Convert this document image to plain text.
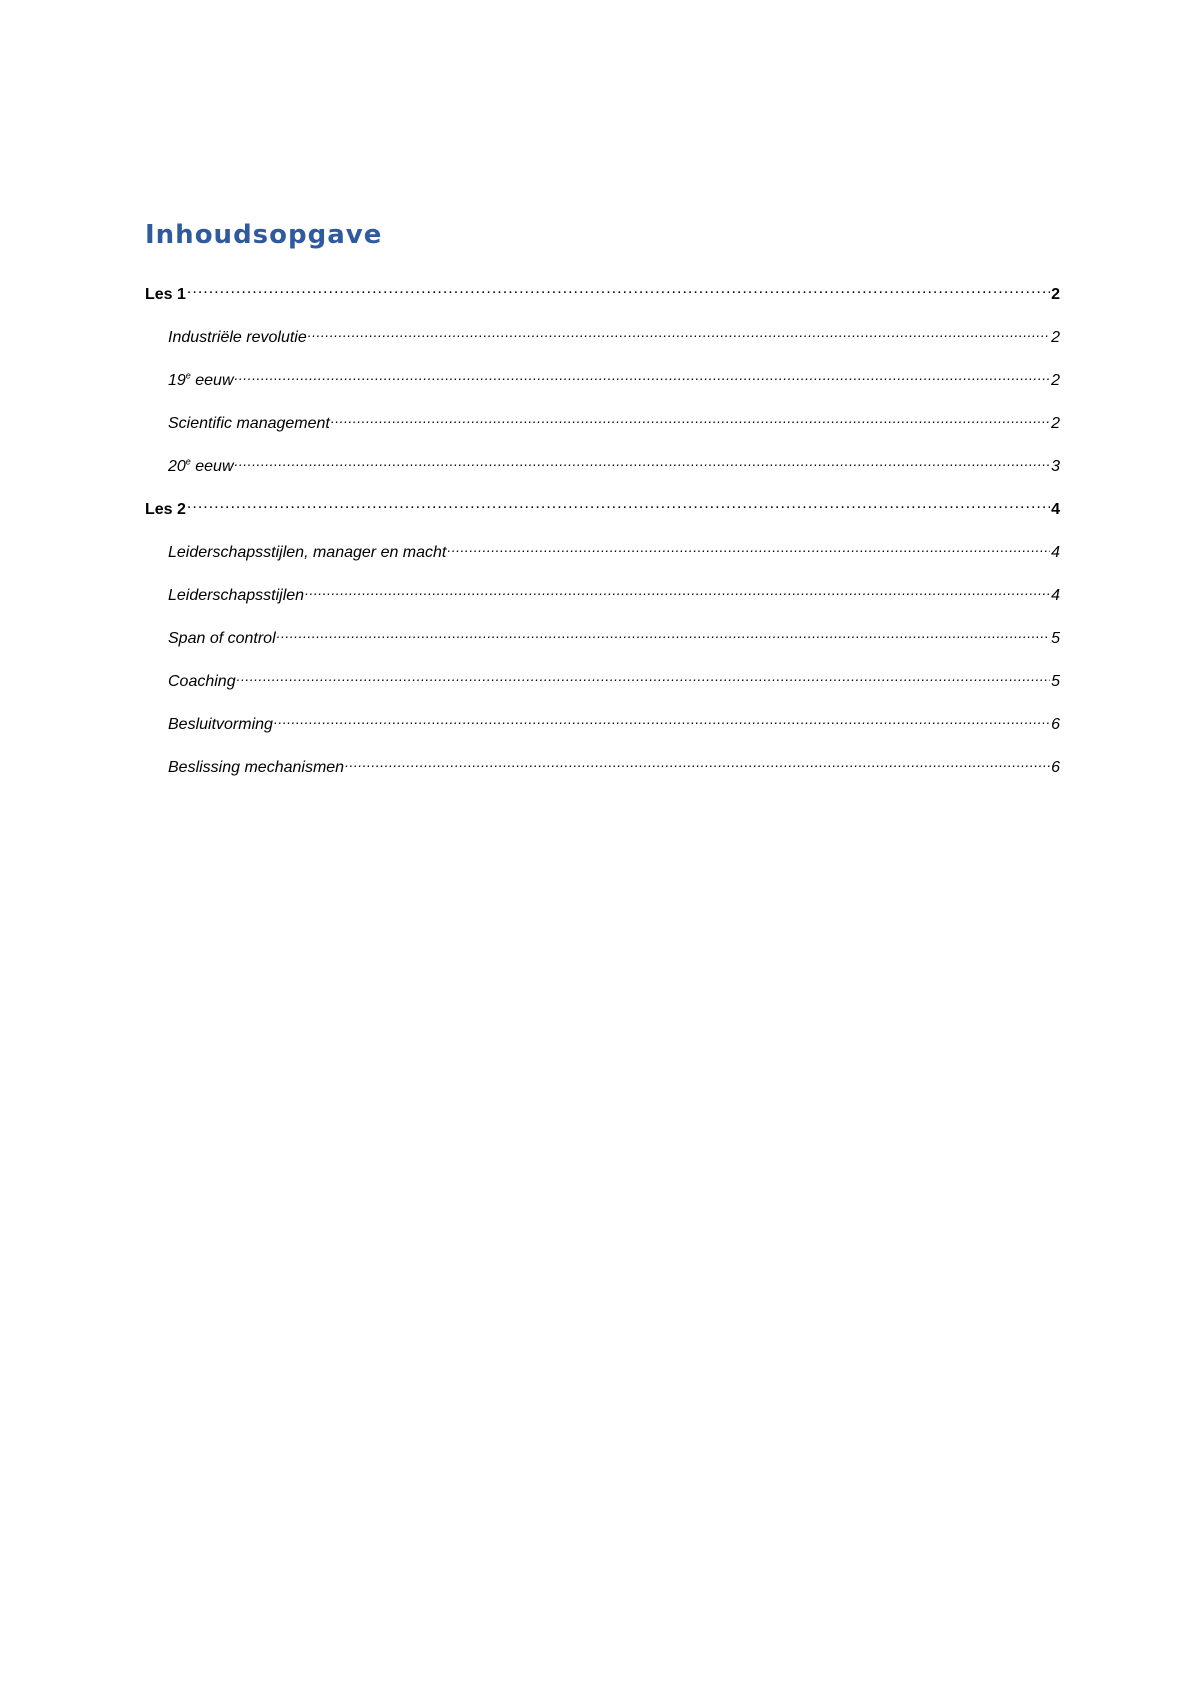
Inhoudsopgave
Les 1 .....	2
Industriële revolutie .....	2
19e eeuw .....	2
Scientific management .....	2
20e eeuw .....	3
Les 2 .....	4
Leiderschapsstijlen, manager en macht .....	4
Leiderschapsstijlen .....	4
Span of control .....	5
Coaching .....	5
Besluitvorming .....	6
Beslissing mechanismen .....	6
